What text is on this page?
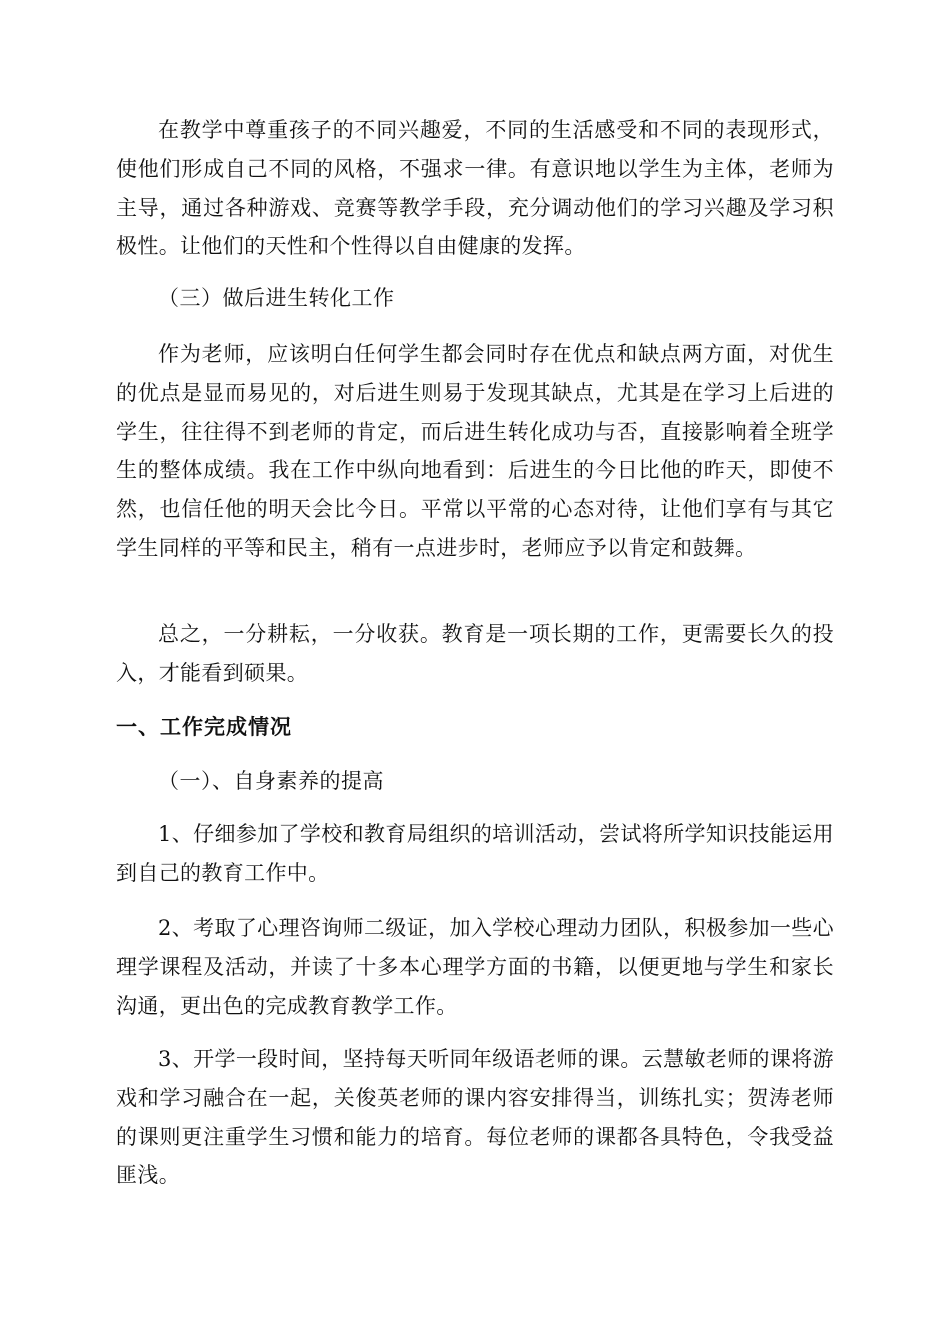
在教学中尊重孩子的不同兴趣爱，不同的生活感受和不同的表现形式，使他们形成自己不同的风格，不强求一律。有意识地以学生为主体，老师为主导，通过各种游戏、竞赛等教学手段，充分调动他们的学习兴趣及学习积极性。让他们的天性和个性得以自由健康的发挥。

（三）做后进生转化工作

作为老师，应该明白任何学生都会同时存在优点和缺点两方面，对优生的优点是显而易见的，对后进生则易于发现其缺点，尤其是在学习上后进的学生，往往得不到老师的肯定，而后进生转化成功与否，直接影响着全班学生的整体成绩。我在工作中纵向地看到：后进生的今日比他的昨天，即使不然，也信任他的明天会比今日。平常以平常的心态对待，让他们享有与其它学生同样的平等和民主，稍有一点进步时，老师应予以肯定和鼓舞。

总之，一分耕耘，一分收获。教育是一项长期的工作，更需要长久的投入，才能看到硕果。

一、工作完成情况

（一）、自身素养的提高

1、仔细参加了学校和教育局组织的培训活动，尝试将所学知识技能运用到自己的教育工作中。

2、考取了心理咨询师二级证，加入学校心理动力团队，积极参加一些心理学课程及活动，并读了十多本心理学方面的书籍，以便更地与学生和家长沟通，更出色的完成教育教学工作。

3、开学一段时间，坚持每天听同年级语老师的课。云慧敏老师的课将游戏和学习融合在一起，关俊英老师的课内容安排得当，训练扎实；贺涛老师的课则更注重学生习惯和能力的培育。每位老师的课都各具特色，令我受益匪浅。
